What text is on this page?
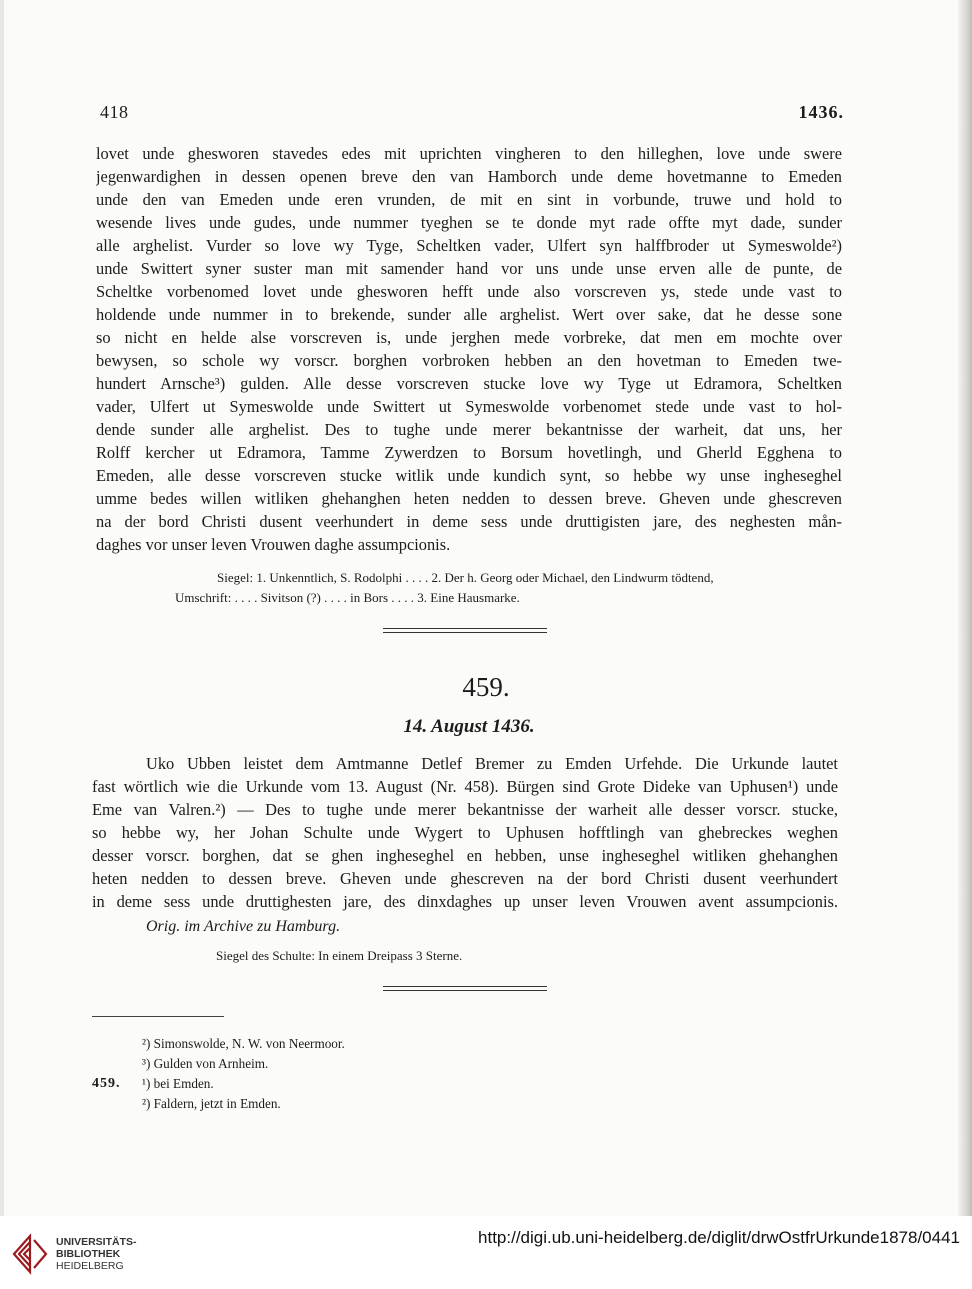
418	1436.
lovet unde ghesworen stavedes edes mit uprichten vingheren to den hilleghen, love unde swere
jegenwardighen in dessen openen breve den van Hamborch unde deme hovetmanne to Emeden
unde den van Emeden unde eren vrunden, de mit en sint in vorbunde, truwe und hold to
wesende lives unde gudes, unde nummer tyeghen se te donde myt rade offte myt dade, sunder
alle arghelist. Vurder so love wy Tyge, Scheltken vader, Ulfert syn halffbroder ut Symeswolde²)
unde Swittert syner suster man mit samender hand vor uns unde unse erven alle de punte, de
Scheltke vorbenomed lovet unde ghesworen hefft unde also vorscreven ys, stede unde vast to
holdende unde nummer in to brekende, sunder alle arghelist. Wert over sake, dat he desse sone
so nicht en helde alse vorscreven is, unde jerghen mede vorbreke, dat men em mochte over
bewysen, so schole wy vorscr. borghen vorbroken hebben an den hovetman to Emeden twe-
hundert Arnsche³) gulden. Alle desse vorscreven stucke love wy Tyge ut Edramora, Scheltken
vader, Ulfert ut Symeswolde unde Swittert ut Symeswolde vorbenomet stede unde vast to hol-
dende sunder alle arghelist. Des to tughe unde merer bekantnisse der warheit, dat uns, her
Rolff kercher ut Edramora, Tamme Zywerdzen to Borsum hovetlingh, und Gherld Egghena to
Emeden, alle desse vorscreven stucke witlik unde kundich synt, so hebbe wy unse ingheseghel
umme bedes willen witliken ghehanghen heten nedden to dessen breve. Gheven unde ghescreven
na der bord Christi dusent veerhundert in deme sess unde druttigisten jare, des neghesten mån-
daghes vor unser leven Vrouwen daghe assumpcionis.
Siegel: 1. Unkenntlich, S. Rodolphi . . . . 2. Der h. Georg oder Michael, den Lindwurm tödtend,
Umschrift: . . . . Sivitson (?) . . . . in Bors . . . . 3. Eine Hausmarke.
459.
14. August 1436.
Uko Ubben leistet dem Amtmanne Detlef Bremer zu Emden Urfehde. Die Urkunde lautet
fast wörtlich wie die Urkunde vom 13. August (Nr. 458). Bürgen sind Grote Dideke van Uphusen¹) unde
Eme van Valren.²) — Des to tughe unde merer bekantnisse der warheit alle desser vorscr. stucke,
so hebbe wy, her Johan Schulte unde Wygert to Uphusen hofftlingh van ghebreckes weghen
desser vorscr. borghen, dat se ghen ingheseghel en hebben, unse ingheseghel witliken ghehanghen
heten nedden to dessen breve. Gheven unde ghescreven na der bord Christi dusent veerhundert
in deme sess unde druttighesten jare, des dinxdaghes up unser leven Vrouwen avent assumpcionis.
Orig. im Archive zu Hamburg.
Siegel des Schulte: In einem Dreipass 3 Sterne.
²) Simonswolde, N. W. von Neermoor.
³) Gulden von Arnheim.
459.	¹) bei Emden.
²) Faldern, jetzt in Emden.
UNIVERSITÄTS-
BIBLIOTHEK
HEIDELBERG
http://digi.ub.uni-heidelberg.de/diglit/drwOstfrUrkunde1878/0441
